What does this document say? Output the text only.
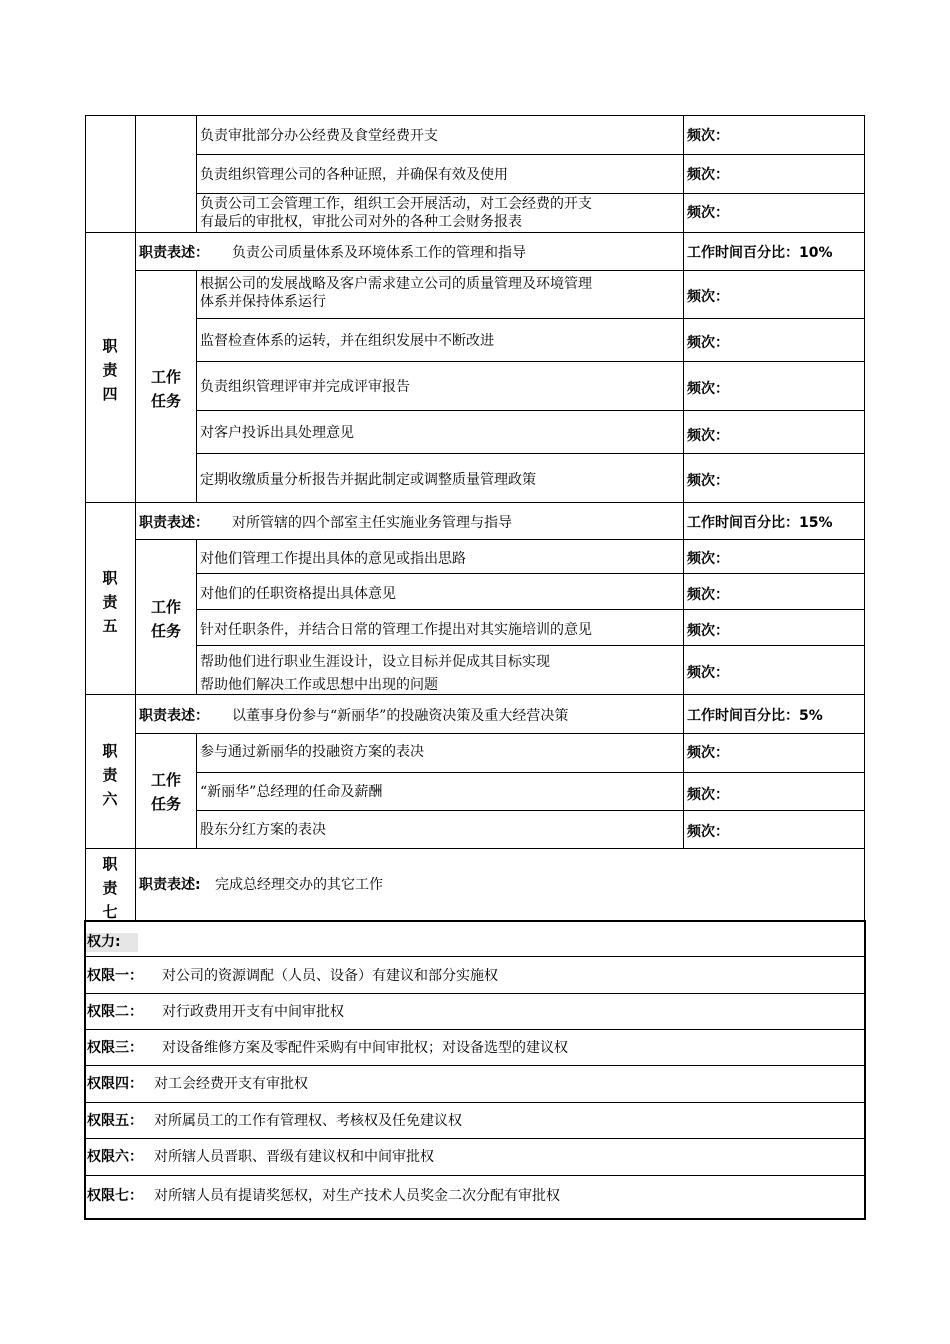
负责审批部分办公经费及食堂经费开支	频次：
负责组织管理公司的各种证照，并确保有效及使用	频次：
负责公司工会管理工作，组织工会开展活动，对工会经费的开支
有最后的审批权，审批公司对外的各种工会财务报表
频次：
职
责
四
职责表述： 负责公司质量体系及环境体系工作的管理和指导	工作时间百分比：10%
工作
任务
根据公司的发展战略及客户需求建立公司的质量管理及环境管理
体系并保持体系运行	频次：
监督检查体系的运转，并在组织发展中不断改进	频次：
负责组织管理评审并完成评审报告	频次：
对客户投诉出具处理意见	频次：
定期收缴质量分析报告并据此制定或调整质量管理政策	频次：
职
责
五
职责表述： 对所管辖的四个部室主任实施业务管理与指导	工作时间百分比：15%
工作
任务
对他们管理工作提出具体的意见或指出思路	频次：
对他们的任职资格提出具体意见	频次：
针对任职条件，并结合日常的管理工作提出对其实施培训的意见	频次：
帮助他们进行职业生涯设计，设立目标并促成其目标实现
帮助他们解决工作或思想中出现的问题
频次：
职
责
六
职责表述： 以董事身份参与“新丽华”的投融资决策及重大经营决策	工作时间百分比：5%
工作
任务
参与通过新丽华的投融资方案的表决	频次：
“新丽华”总经理的任命及薪酬	频次：
股东分红方案的表决	频次：
职
责
七
职责表述: 完成总经理交办的其它工作
权力:
权限一： 对公司的资源调配（人员、设备）有建议和部分实施权
权限二： 对行政费用开支有中间审批权
权限三： 对设备维修方案及零配件采购有中间审批权；对设备选型的建议权
权限四： 对工会经费开支有审批权
权限五： 对所属员工的工作有管理权、考核权及任免建议权
权限六： 对所辖人员晋职、晋级有建议权和中间审批权
权限七： 对所辖人员有提请奖惩权，对生产技术人员奖金二次分配有审批权
